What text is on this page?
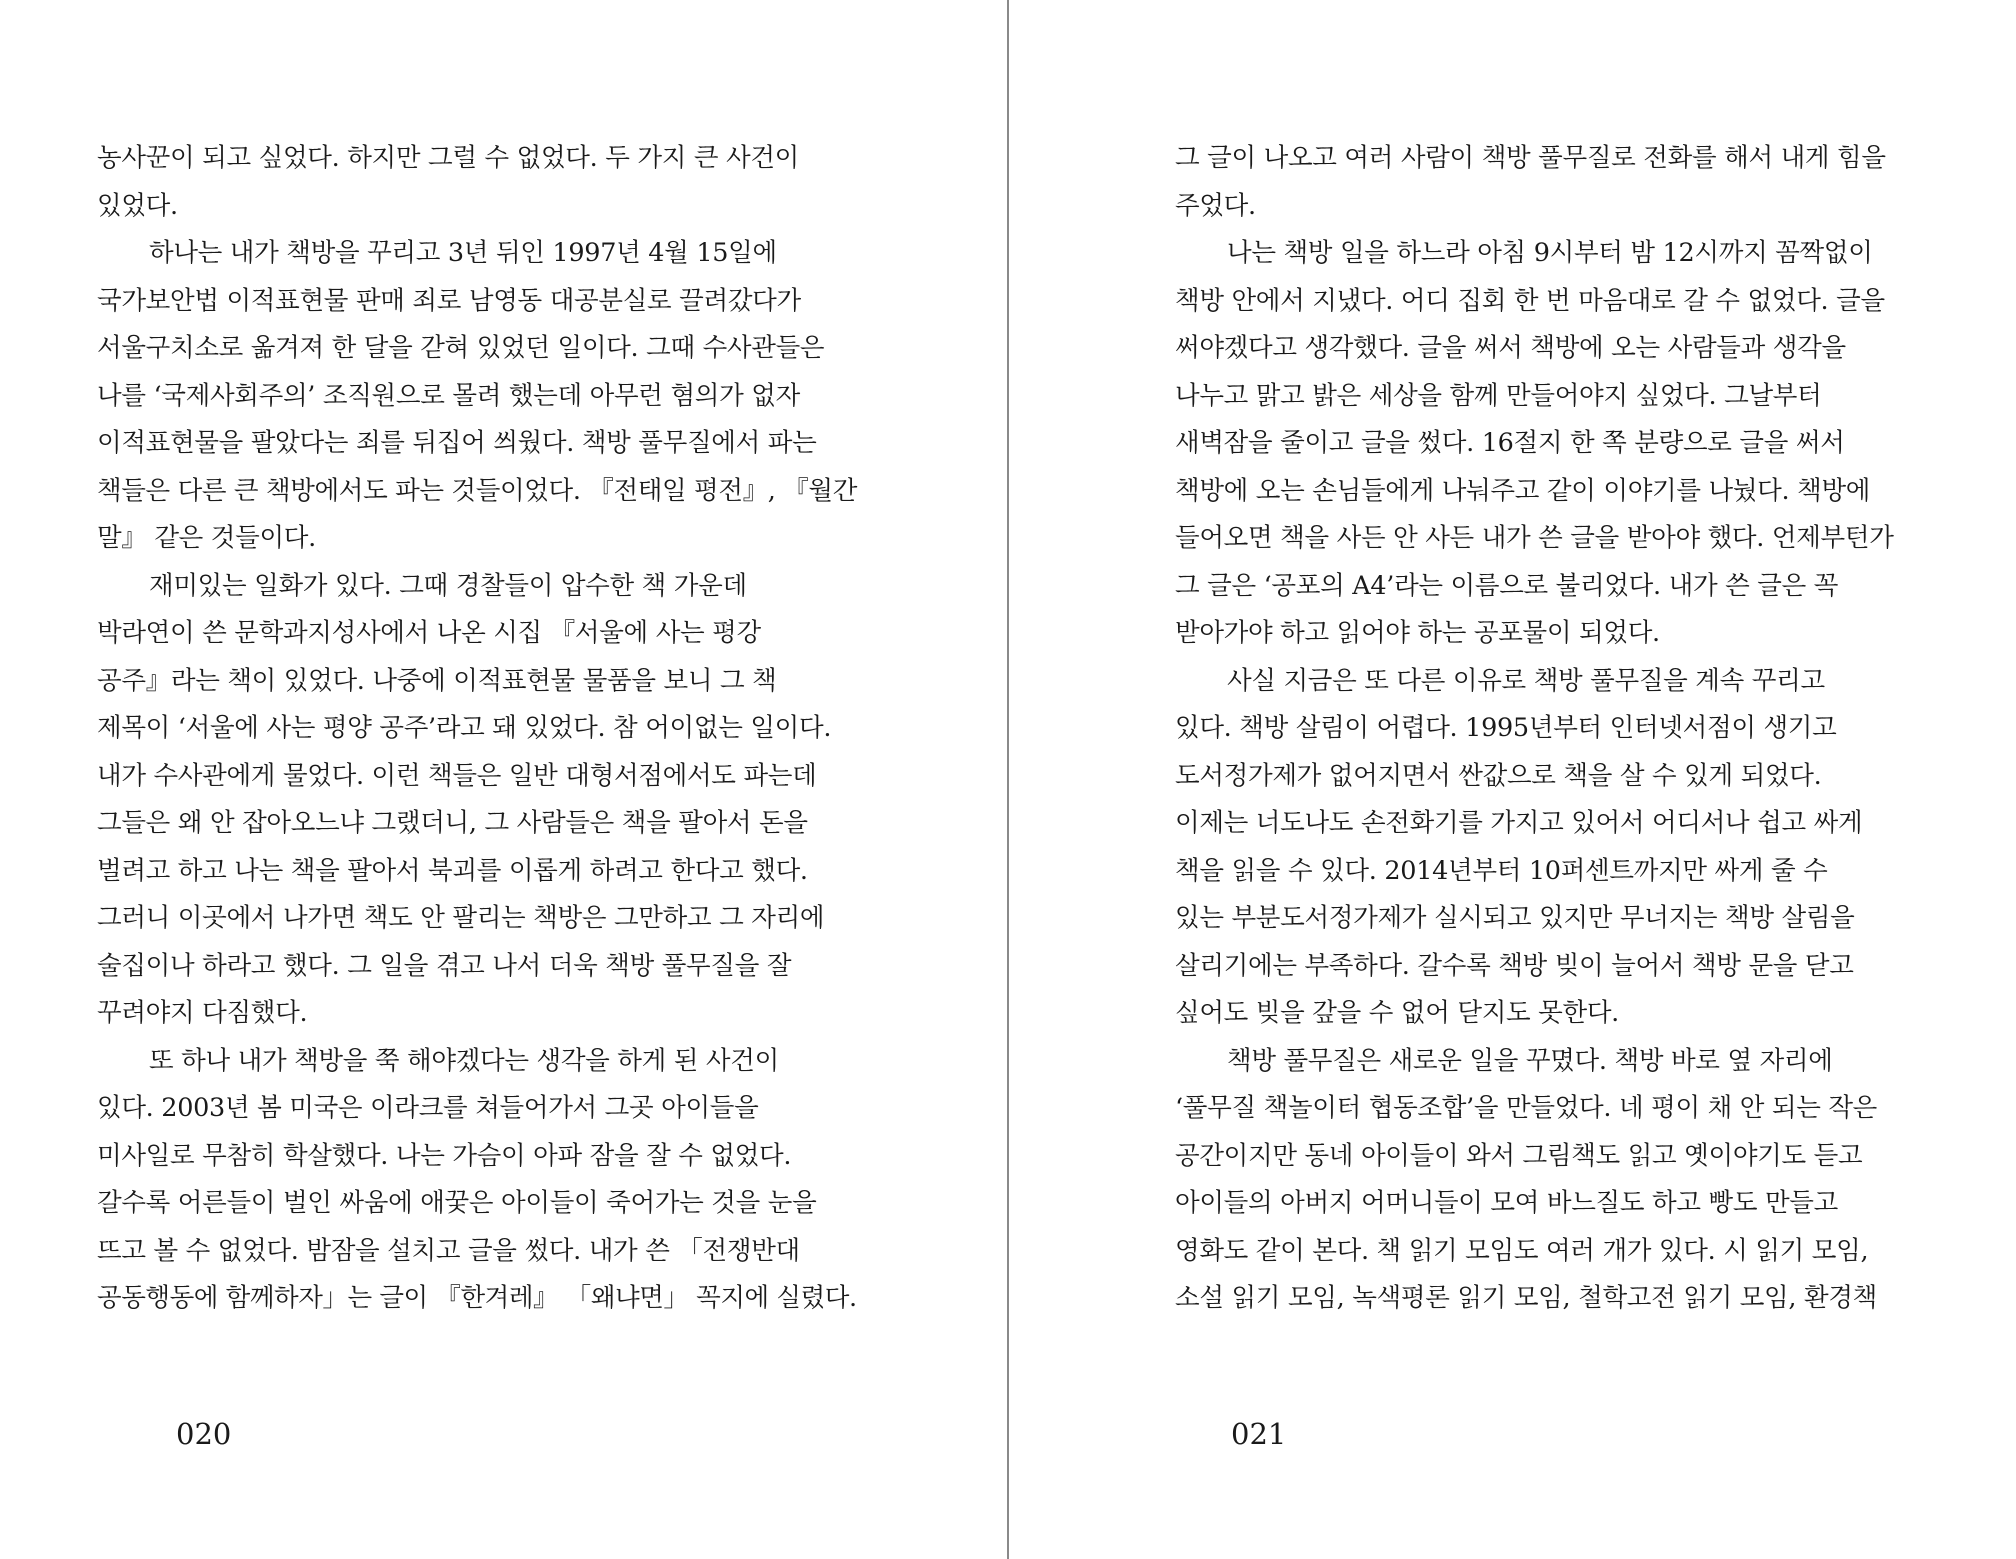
농사꾼이 되고 싶었다. 하지만 그럴 수 없었다. 두 가지 큰 사건이
있었다.
하나는 내가 책방을 꾸리고 3년 뒤인 1997년 4월 15일에
국가보안법 이적표현물 판매 죄로 남영동 대공분실로 끌려갔다가
서울구치소로 옮겨져 한 달을 갇혀 있었던 일이다. 그때 수사관들은
나를 ‘국제사회주의’ 조직원으로 몰려 했는데 아무런 혐의가 없자
이적표현물을 팔았다는 죄를 뒤집어 씌웠다. 책방 풀무질에서 파는
책들은 다른 큰 책방에서도 파는 것들이었다. 『전태일 평전』, 『월간
말』 같은 것들이다.
재미있는 일화가 있다. 그때 경찰들이 압수한 책 가운데
박라연이 쓴 문학과지성사에서 나온 시집 『서울에 사는 평강
공주』라는 책이 있었다. 나중에 이적표현물 물품을 보니 그 책
제목이 ‘서울에 사는 평양 공주’라고 돼 있었다. 참 어이없는 일이다.
내가 수사관에게 물었다. 이런 책들은 일반 대형서점에서도 파는데
그들은 왜 안 잡아오느냐 그랬더니, 그 사람들은 책을 팔아서 돈을
벌려고 하고 나는 책을 팔아서 북괴를 이롭게 하려고 한다고 했다.
그러니 이곳에서 나가면 책도 안 팔리는 책방은 그만하고 그 자리에
술집이나 하라고 했다. 그 일을 겪고 나서 더욱 책방 풀무질을 잘
꾸려야지 다짐했다.
또 하나 내가 책방을 쭉 해야겠다는 생각을 하게 된 사건이
있다. 2003년 봄 미국은 이라크를 쳐들어가서 그곳 아이들을
미사일로 무참히 학살했다. 나는 가슴이 아파 잠을 잘 수 없었다.
갈수록 어른들이 벌인 싸움에 애꿎은 아이들이 죽어가는 것을 눈을
뜨고 볼 수 없었다. 밤잠을 설치고 글을 썼다. 내가 쓴 「전쟁반대
공동행동에 함께하자」는 글이 『한겨레』 「왜냐면」 꼭지에 실렸다.
020
그 글이 나오고 여러 사람이 책방 풀무질로 전화를 해서 내게 힘을
주었다.
나는 책방 일을 하느라 아침 9시부터 밤 12시까지 꼼짝없이
책방 안에서 지냈다. 어디 집회 한 번 마음대로 갈 수 없었다. 글을
써야겠다고 생각했다. 글을 써서 책방에 오는 사람들과 생각을
나누고 맑고 밝은 세상을 함께 만들어야지 싶었다. 그날부터
새벽잠을 줄이고 글을 썼다. 16절지 한 쪽 분량으로 글을 써서
책방에 오는 손님들에게 나눠주고 같이 이야기를 나눴다. 책방에
들어오면 책을 사든 안 사든 내가 쓴 글을 받아야 했다. 언제부턴가
그 글은 ‘공포의 A4’라는 이름으로 불리었다. 내가 쓴 글은 꼭
받아가야 하고 읽어야 하는 공포물이 되었다.
사실 지금은 또 다른 이유로 책방 풀무질을 계속 꾸리고
있다. 책방 살림이 어렵다. 1995년부터 인터넷서점이 생기고
도서정가제가 없어지면서 싼값으로 책을 살 수 있게 되었다.
이제는 너도나도 손전화기를 가지고 있어서 어디서나 쉽고 싸게
책을 읽을 수 있다. 2014년부터 10퍼센트까지만 싸게 줄 수
있는 부분도서정가제가 실시되고 있지만 무너지는 책방 살림을
살리기에는 부족하다. 갈수록 책방 빚이 늘어서 책방 문을 닫고
싶어도 빚을 갚을 수 없어 닫지도 못한다.
책방 풀무질은 새로운 일을 꾸몄다. 책방 바로 옆 자리에
‘풀무질 책놀이터 협동조합’을 만들었다. 네 평이 채 안 되는 작은
공간이지만 동네 아이들이 와서 그림책도 읽고 옛이야기도 듣고
아이들의 아버지 어머니들이 모여 바느질도 하고 빵도 만들고
영화도 같이 본다. 책 읽기 모임도 여러 개가 있다. 시 읽기 모임,
소설 읽기 모임, 녹색평론 읽기 모임, 철학고전 읽기 모임, 환경책
021
